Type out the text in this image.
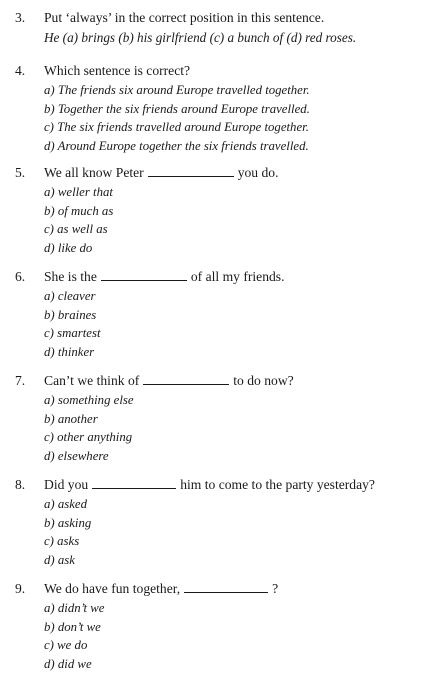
3. Put ‘always’ in the correct position in this sentence.
He (a) brings (b) his girlfriend (c) a bunch of (d) red roses.
4. Which sentence is correct?
a) The friends six around Europe travelled together.
b) Together the six friends around Europe travelled.
c) The six friends travelled around Europe together.
d) Around Europe together the six friends travelled.
5. We all know Peter	you do.
a) weller that
b) of much as
c) as well as
d) like do
6. She is the	of all my friends.
a) cleaver
b) braines
c) smartest
d) thinker
7. Can’t we think of	to do now?
a) something else
b) another
c) other anything
d) elsewhere
8. Did you	him to come to the party yesterday?
a) asked
b) asking
c) asks
d) ask
9. We do have fun together,	?
a) didn’t we
b) don’t we
c) we do
d) did we
